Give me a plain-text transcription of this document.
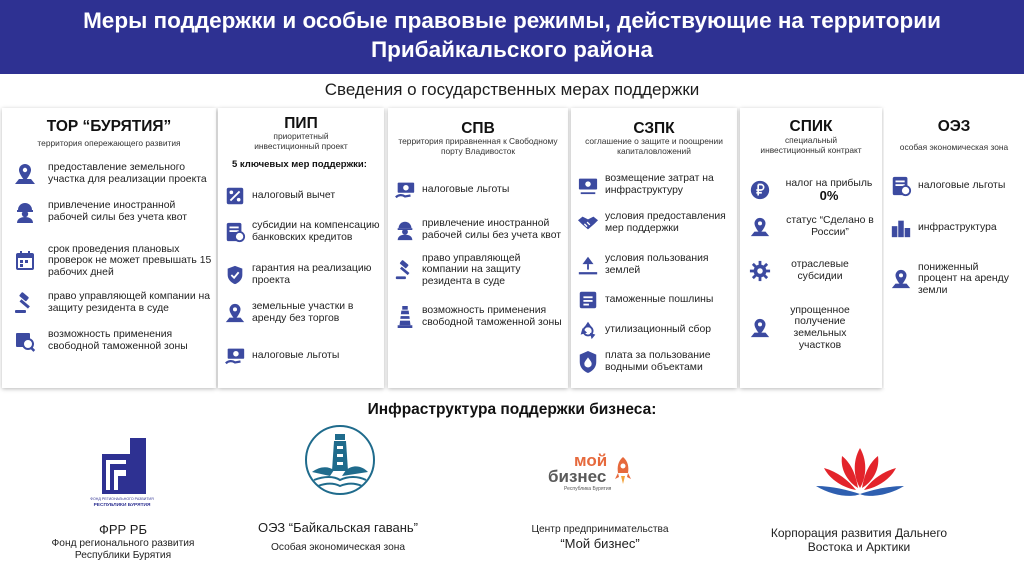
Меры поддержки и особые правовые режимы, действующие на территории
Прибайкальского района
Сведения о государственных мерах поддержки
ТОР “БУРЯТИЯ”
территория опережающего развития
предоставление земельного участка для реализации проекта
привлечение иностранной рабочей силы без учета квот
срок проведения плановых проверок не может превышать 15 рабочих дней
право управляющей компании на защиту резидента в суде
возможность применения свободной таможенной зоны
ПИП
приоритетный инвестиционный проект
5 ключевых мер поддержки:
налоговый вычет
субсидии на компенсацию банковских кредитов
гарантия на реализацию проекта
земельные участки в аренду без торгов
налоговые льготы
СПВ
территория приравненная к Свободному порту Владивосток
налоговые льготы
привлечение иностранной рабочей силы без учета квот
право управляющей компании на защиту резидента в суде
возможность применения свободной таможенной зоны
СЗПК
соглашение о защите и поощрении капиталовложений
возмещение затрат на инфраструктуру
условия предоставления мер поддержки
условия пользования землей
таможенные пошлины
утилизационный сбор
плата за пользование водными объектами
СПИК
специальный инвестиционный контракт
налог на прибыль
0%
статус “Сделано в России”
отраслевые субсидии
упрощенное получение земельных участков
ОЭЗ
особая экономическая зона
налоговые льготы
инфраструктура
пониженный процент на аренду земли
Инфраструктура поддержки бизнеса:
ФОНД РЕГИОНАЛЬНОГО РАЗВИТИЯ
РЕСПУБЛИКИ БУРЯТИЯ
ФРР РБ
Фонд регионального развития
Республики Бурятия
ОЭЗ “Байкальская гавань”
Особая экономическая зона
мой
бизнес
Республика Бурятия
Центр предпринимательства
“Мой бизнес”
Корпорация развития Дальнего
Востока и Арктики
